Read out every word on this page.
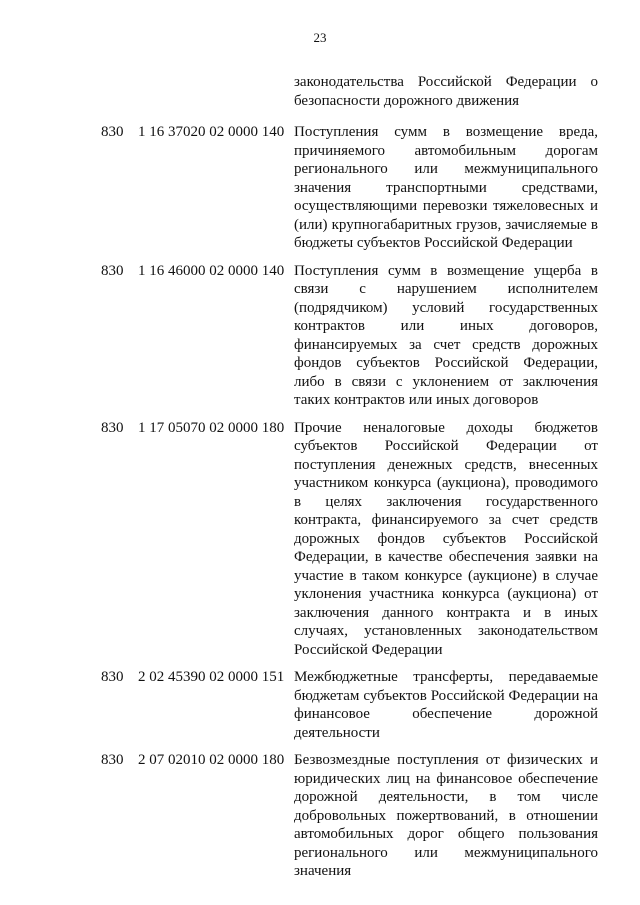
23
законодательства Российской Федерации о безопасности дорожного движения
830 1 16 37020 02 0000 140 Поступления сумм в возмещение вреда, причиняемого автомобильным дорогам регионального или межмуниципального значения транспортными средствами, осуществляющими перевозки тяжеловесных и (или) крупногабаритных грузов, зачисляемые в бюджеты субъектов Российской Федерации
830 1 16 46000 02 0000 140 Поступления сумм в возмещение ущерба в связи с нарушением исполнителем (подрядчиком) условий государственных контрактов или иных договоров, финансируемых за счет средств дорожных фондов субъектов Российской Федерации, либо в связи с уклонением от заключения таких контрактов или иных договоров
830 1 17 05070 02 0000 180 Прочие неналоговые доходы бюджетов субъектов Российской Федерации от поступления денежных средств, внесенных участником конкурса (аукциона), проводимого в целях заключения государственного контракта, финансируемого за счет средств дорожных фондов субъектов Российской Федерации, в качестве обеспечения заявки на участие в таком конкурсе (аукционе) в случае уклонения участника конкурса (аукциона) от заключения данного контракта и в иных случаях, установленных законодательством Российской Федерации
830 2 02 45390 02 0000 151 Межбюджетные трансферты, передаваемые бюджетам субъектов Российской Федерации на финансовое обеспечение дорожной деятельности
830 2 07 02010 02 0000 180 Безвозмездные поступления от физических и юридических лиц на финансовое обеспечение дорожной деятельности, в том числе добровольных пожертвований, в отношении автомобильных дорог общего пользования регионального или межмуниципального значения
